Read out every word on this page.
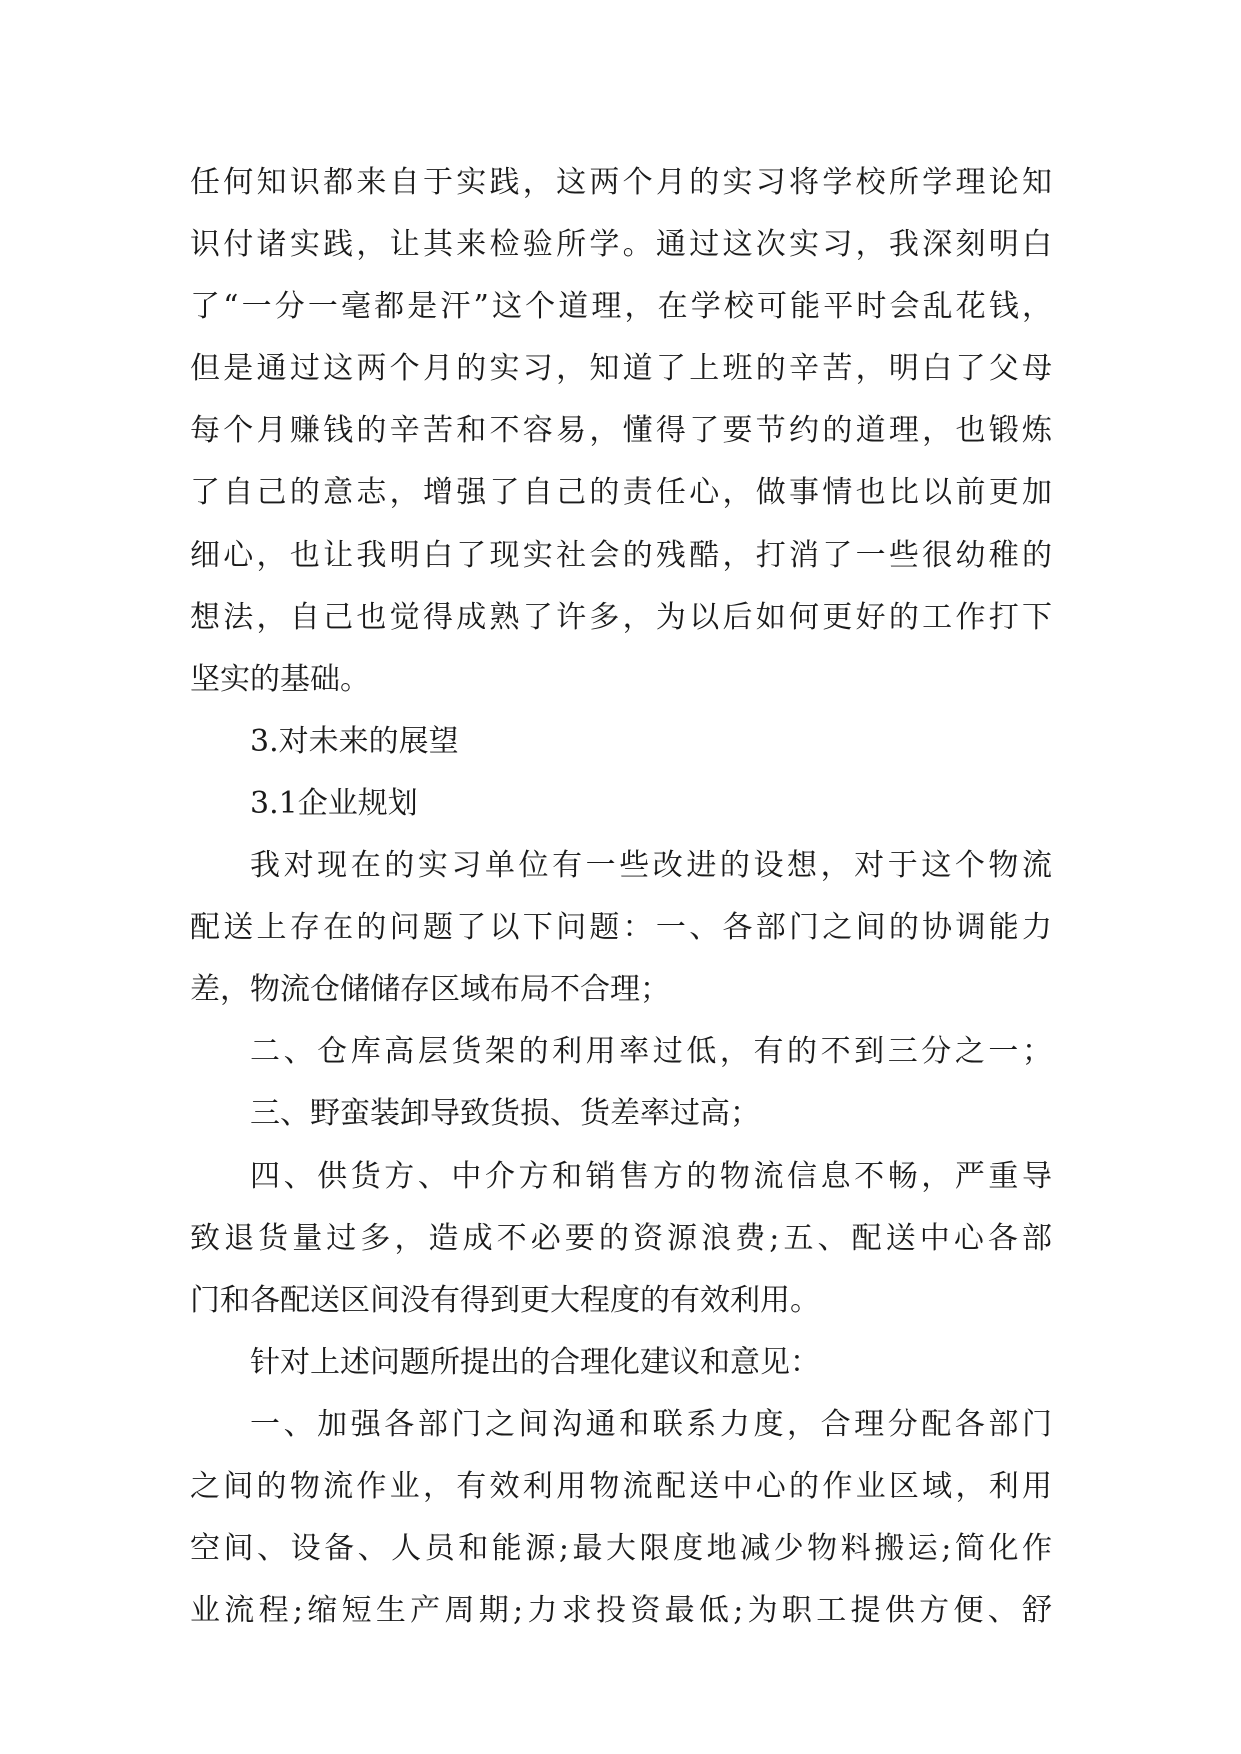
任何知识都来自于实践，这两个月的实习将学校所学理论知
识付诸实践，让其来检验所学。通过这次实习，我深刻明白
了“一分一毫都是汗”这个道理，在学校可能平时会乱花钱，
但是通过这两个月的实习，知道了上班的辛苦，明白了父母
每个月赚钱的辛苦和不容易，懂得了要节约的道理，也锻炼
了自己的意志，增强了自己的责任心，做事情也比以前更加
细心，也让我明白了现实社会的残酷，打消了一些很幼稚的
想法，自己也觉得成熟了许多，为以后如何更好的工作打下
坚实的基础。
3.对未来的展望
3.1企业规划
我对现在的实习单位有一些改进的设想，对于这个物流
配送上存在的问题了以下问题：一、各部门之间的协调能力
差，物流仓储储存区域布局不合理；
二、仓库高层货架的利用率过低，有的不到三分之一；
三、野蛮装卸导致货损、货差率过高；
四、供货方、中介方和销售方的物流信息不畅，严重导
致退货量过多，造成不必要的资源浪费;五、配送中心各部
门和各配送区间没有得到更大程度的有效利用。
针对上述问题所提出的合理化建议和意见：
一、加强各部门之间沟通和联系力度，合理分配各部门
之间的物流作业，有效利用物流配送中心的作业区域，利用
空间、设备、人员和能源;最大限度地减少物料搬运;简化作
业流程;缩短生产周期;力求投资最低;为职工提供方便、舒
